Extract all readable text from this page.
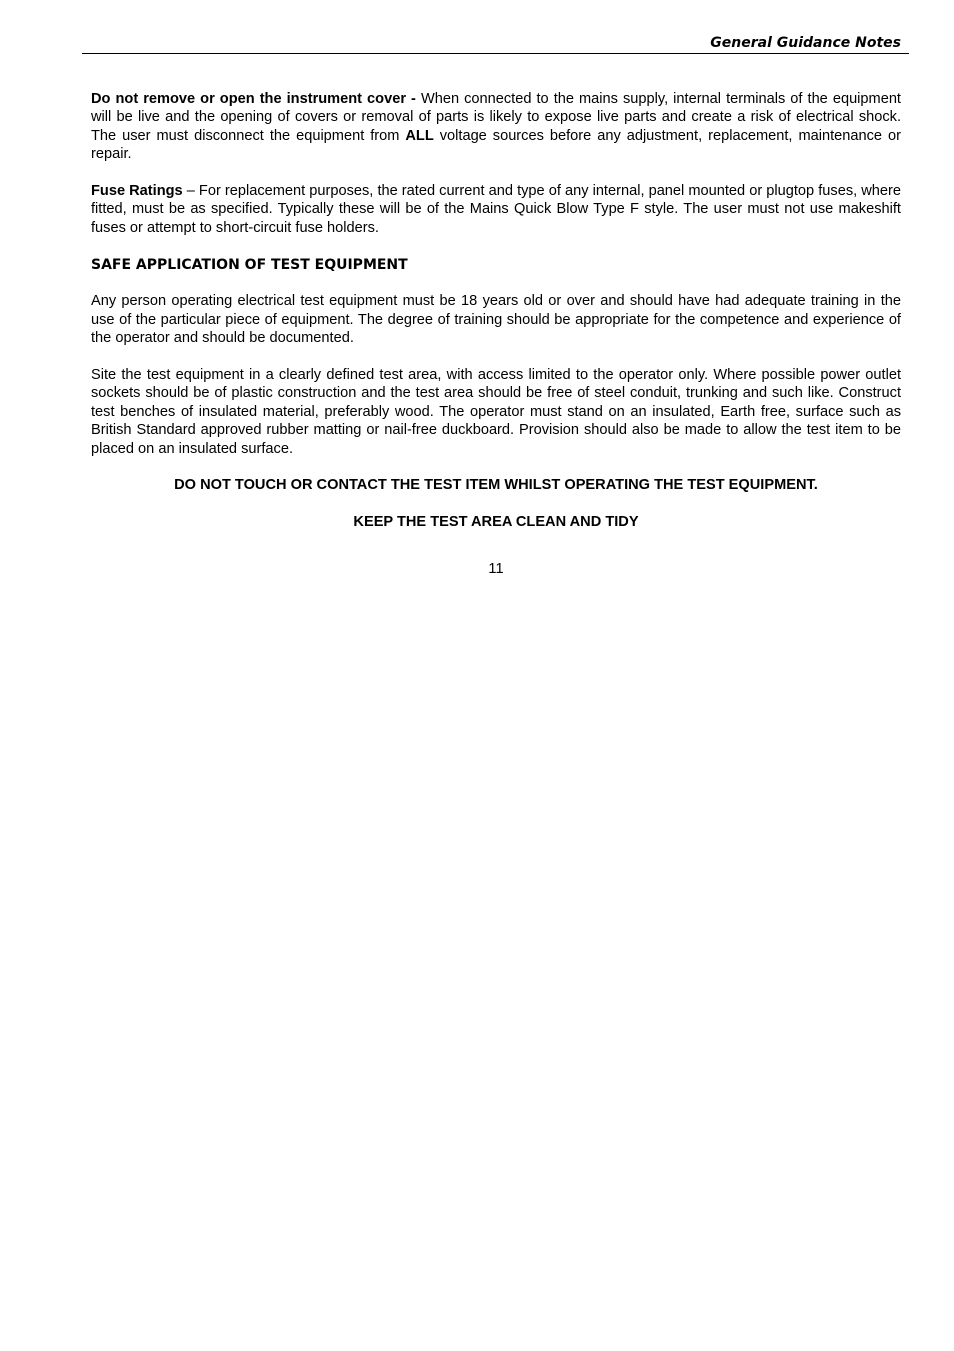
General Guidance Notes

Do not remove or open the instrument cover - When connected to the mains supply, internal terminals of the equipment will be live and the opening of covers or removal of parts is likely to expose live parts and create a risk of electrical shock. The user must disconnect the equipment from ALL voltage sources before any adjustment, replacement, maintenance or repair.

Fuse Ratings – For replacement purposes, the rated current and type of any internal, panel mounted or plugtop fuses, where fitted, must be as specified. Typically these will be of the Mains Quick Blow Type F style. The user must not use makeshift fuses or attempt to short-circuit fuse holders.

SAFE APPLICATION OF TEST EQUIPMENT

Any person operating electrical test equipment must be 18 years old or over and should have had adequate training in the use of the particular piece of equipment. The degree of training should be appropriate for the competence and experience of the operator and should be documented.

Site the test equipment in a clearly defined test area, with access limited to the operator only. Where possible power outlet sockets should be of plastic construction and the test area should be free of steel conduit, trunking and such like. Construct test benches of insulated material, preferably wood. The operator must stand on an insulated, Earth free, surface such as British Standard approved rubber matting or nail-free duckboard. Provision should also be made to allow the test item to be placed on an insulated surface.

DO NOT TOUCH OR CONTACT THE TEST ITEM WHILST OPERATING THE TEST EQUIPMENT.
KEEP THE TEST AREA CLEAN AND TIDY
11
